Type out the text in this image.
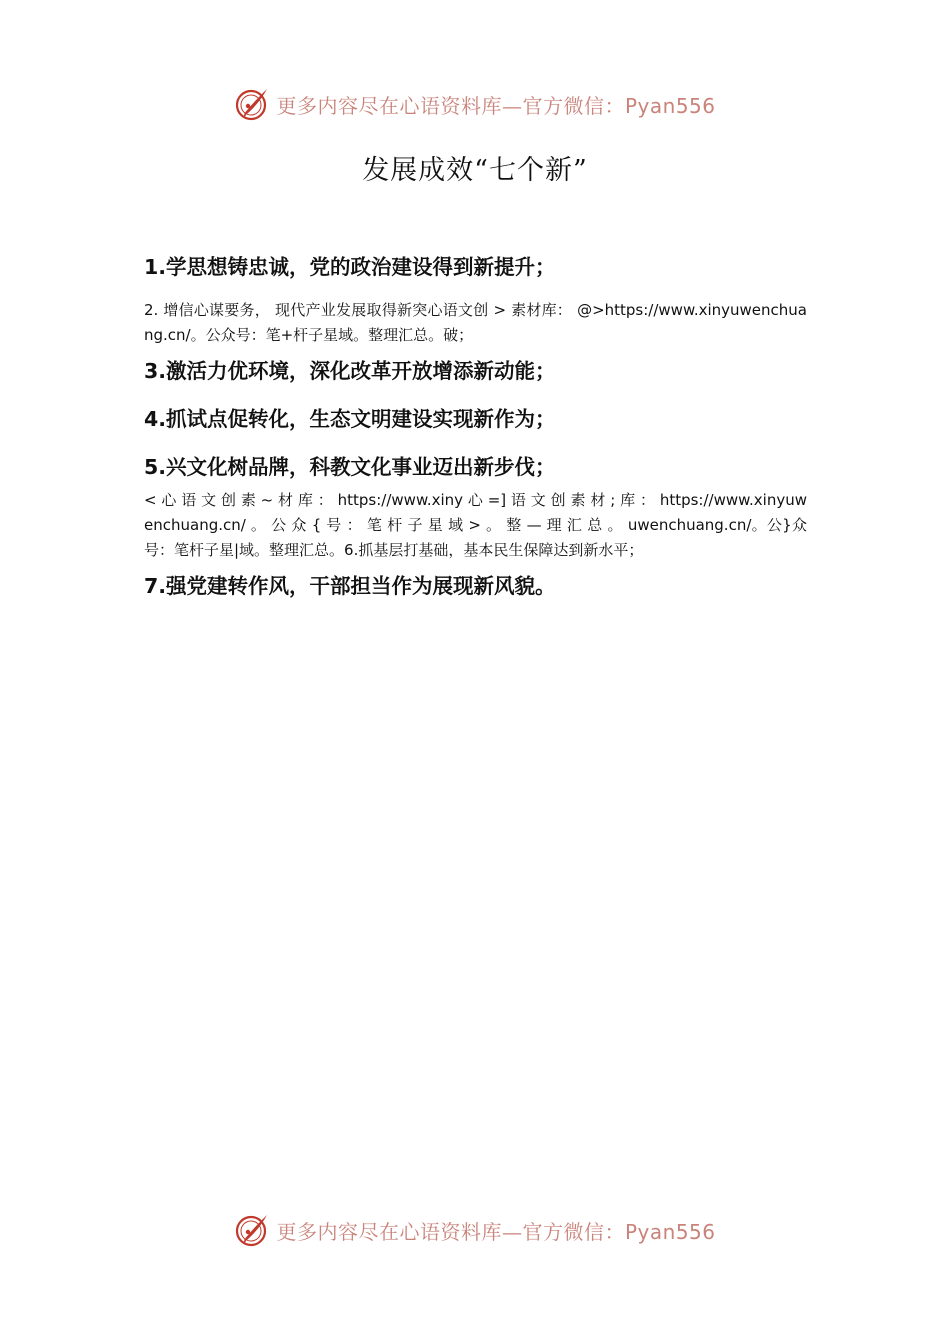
更多内容尽在心语资料库—官方微信：Pyan556
发展成效“七个新”
1.学思想铸忠诚，党的政治建设得到新提升；
2. 增信心谋要务， 现代产业发展取得新突心语文创 > 素材库： @>https://www.xinyuwenchuang.cn/。公众号：笔+杆子星域。整理汇总。破；
3.激活力优环境，深化改革开放增添新动能；
4.抓试点促转化，生态文明建设实现新作为；
5.兴文化树品牌，科教文化事业迈出新步伐；
< 心 语 文 创 素 ~ 材 库 ： https://www.xiny 心 =] 语 文 创 素 材 ; 库 ： https://www.xinyuwenchuang.cn/ 。 公 众 { 号 ： 笔 杆 子 星 域 > 。 整 — 理 汇 总 。 uwenchuang.cn/。公}众号：笔杆子星|域。整理汇总。6.抓基层打基础，基本民生保障达到新水平；
7.强党建转作风，干部担当作为展现新风貌。
更多内容尽在心语资料库—官方微信：Pyan556
